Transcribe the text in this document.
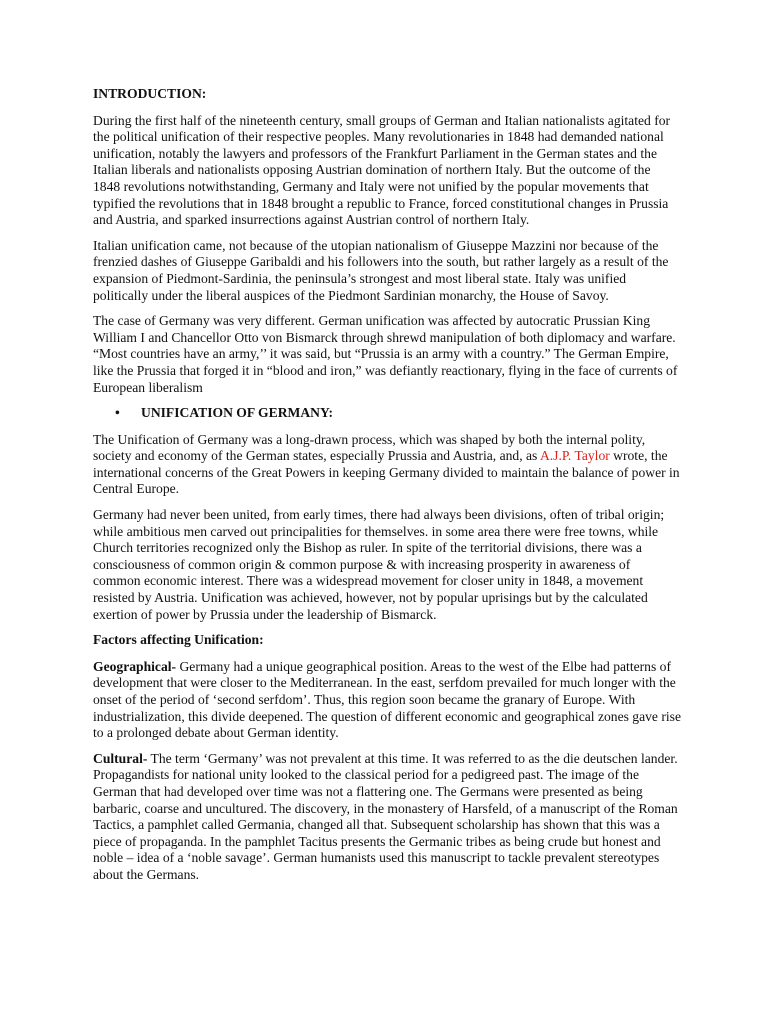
INTRODUCTION:

During the first half of the nineteenth century, small groups of German and Italian nationalists agitated for the political unification of their respective peoples. Many revolutionaries in 1848 had demanded national unification, notably the lawyers and professors of the Frankfurt Parliament in the German states and the Italian liberals and nationalists opposing Austrian domination of northern Italy. But the outcome of the 1848 revolutions notwithstanding, Germany and Italy were not unified by the popular movements that typified the revolutions that in 1848 brought a republic to France, forced constitutional changes in Prussia and Austria, and sparked insurrections against Austrian control of northern Italy.

Italian unification came, not because of the utopian nationalism of Giuseppe Mazzini nor because of the frenzied dashes of Giuseppe Garibaldi and his followers into the south, but rather largely as a result of the expansion of Piedmont-Sardinia, the peninsula’s strongest and most liberal state. Italy was unified politically under the liberal auspices of the Piedmont Sardinian monarchy, the House of Savoy.

The case of Germany was very different. German unification was affected by autocratic Prussian King William I and Chancellor Otto von Bismarck through shrewd manipulation of both diplomacy and warfare. “Most countries have an army,’’ it was said, but “Prussia is an army with a country.” The German Empire, like the Prussia that forged it in “blood and iron,” was defiantly reactionary, flying in the face of currents of European liberalism

•	UNIFICATION OF GERMANY:

The Unification of Germany was a long-drawn process, which was shaped by both the internal polity, society and economy of the German states, especially Prussia and Austria, and, as A.J.P. Taylor wrote, the international concerns of the Great Powers in keeping Germany divided to maintain the balance of power in Central Europe.

Germany had never been united, from early times, there had always been divisions, often of tribal origin; while ambitious men carved out principalities for themselves. in some area there were free towns, while Church territories recognized only the Bishop as ruler. In spite of the territorial divisions, there was a consciousness of common origin & common purpose & with increasing prosperity in awareness of common economic interest. There was a widespread movement for closer unity in 1848, a movement resisted by Austria. Unification was achieved, however, not by popular uprisings but by the calculated exertion of power by Prussia under the leadership of Bismarck.

Factors affecting Unification:

Geographical- Germany had a unique geographical position. Areas to the west of the Elbe had patterns of development that were closer to the Mediterranean. In the east, serfdom prevailed for much longer with the onset of the period of ‘second serfdom’. Thus, this region soon became the granary of Europe. With industrialization, this divide deepened. The question of different economic and geographical zones gave rise to a prolonged debate about German identity.

Cultural- The term ‘Germany’ was not prevalent at this time. It was referred to as the die deutschen lander. Propagandists for national unity looked to the classical period for a pedigreed past. The image of the German that had developed over time was not a flattering one. The Germans were presented as being barbaric, coarse and uncultured. The discovery, in the monastery of Harsfeld, of a manuscript of the Roman Tactics, a pamphlet called Germania, changed all that. Subsequent scholarship has shown that this was a piece of propaganda. In the pamphlet Tacitus presents the Germanic tribes as being crude but honest and noble – idea of a ‘noble savage’. German humanists used this manuscript to tackle prevalent stereotypes about the Germans.
